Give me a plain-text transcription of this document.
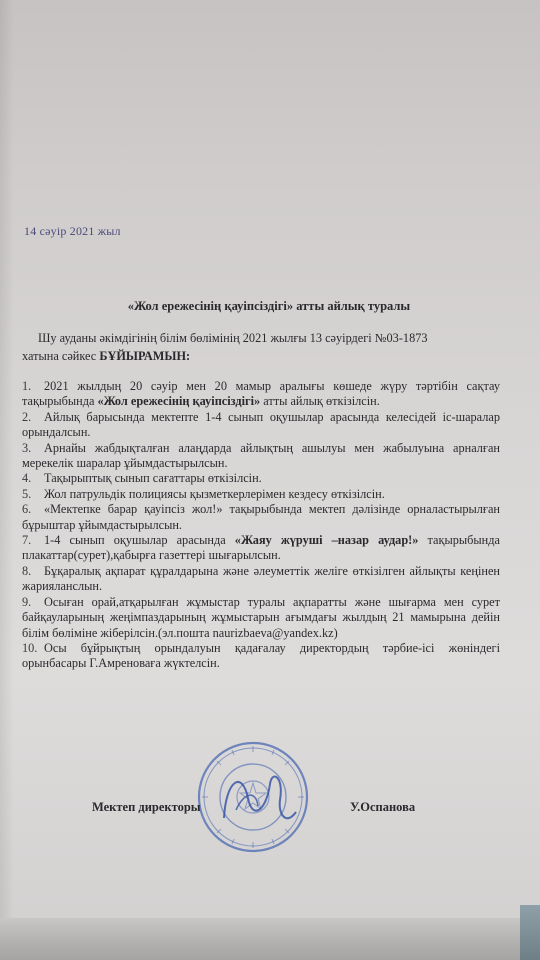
14 сәуір 2021 жыл
«Жол ережесінің қауіпсіздігі» атты айлық туралы
Шу ауданы әкімдігінің білім бөлімінің 2021 жылғы 13 сәуірдегі №03-1873
хатына сәйкес БҰЙЫРАМЫН:
1. 2021 жылдың 20 сәуір мен 20 мамыр аралығы көшеде жүру тәртібін сақтау тақырыбында «Жол ережесінің қауіпсіздігі» атты айлық өткізілсін.
2. Айлық барысында мектепте 1-4 сынып оқушылар арасында келесідей іс-шаралар орындалсын.
3. Арнайы жабдықталған алаңдарда айлықтың ашылуы мен жабылуына арналған мерекелік шаралар ұйымдастырылсын.
4. Тақырыптық сынып сағаттары өткізілсін.
5. Жол патрульдік полициясы қызметкерлерімен кездесу өткізілсін.
6. «Мектепке барар қауіпсіз жол!» тақырыбында мектеп дәлізінде орналастырылған бұрыштар ұйымдастырылсын.
7. 1-4 сынып оқушылар арасында «Жаяу жүруші –назар аудар!» тақырыбында плакаттар(сурет),қабырға газеттері шығарылсын.
8. Бұқаралық ақпарат құралдарына және әлеуметтік желіге өткізілген айлықты кеңінен жарияланслын.
9. Осыған орай,атқарылған жұмыстар туралы ақпаратты және шығарма мен сурет байқауларының жеңімпаздарының жұмыстарын ағымдағы жылдың 21 мамырына дейін білім бөліміне жіберілсін.(эл.пошта naurizbaeva@yandex.kz)
10. Осы бұйрықтың орындалуын қадағалау директордың тәрбие-ісі жөніндегі орынбасары Г.Амреноваға жүктелсін.
Мектеп директоры	У.Оспанова
